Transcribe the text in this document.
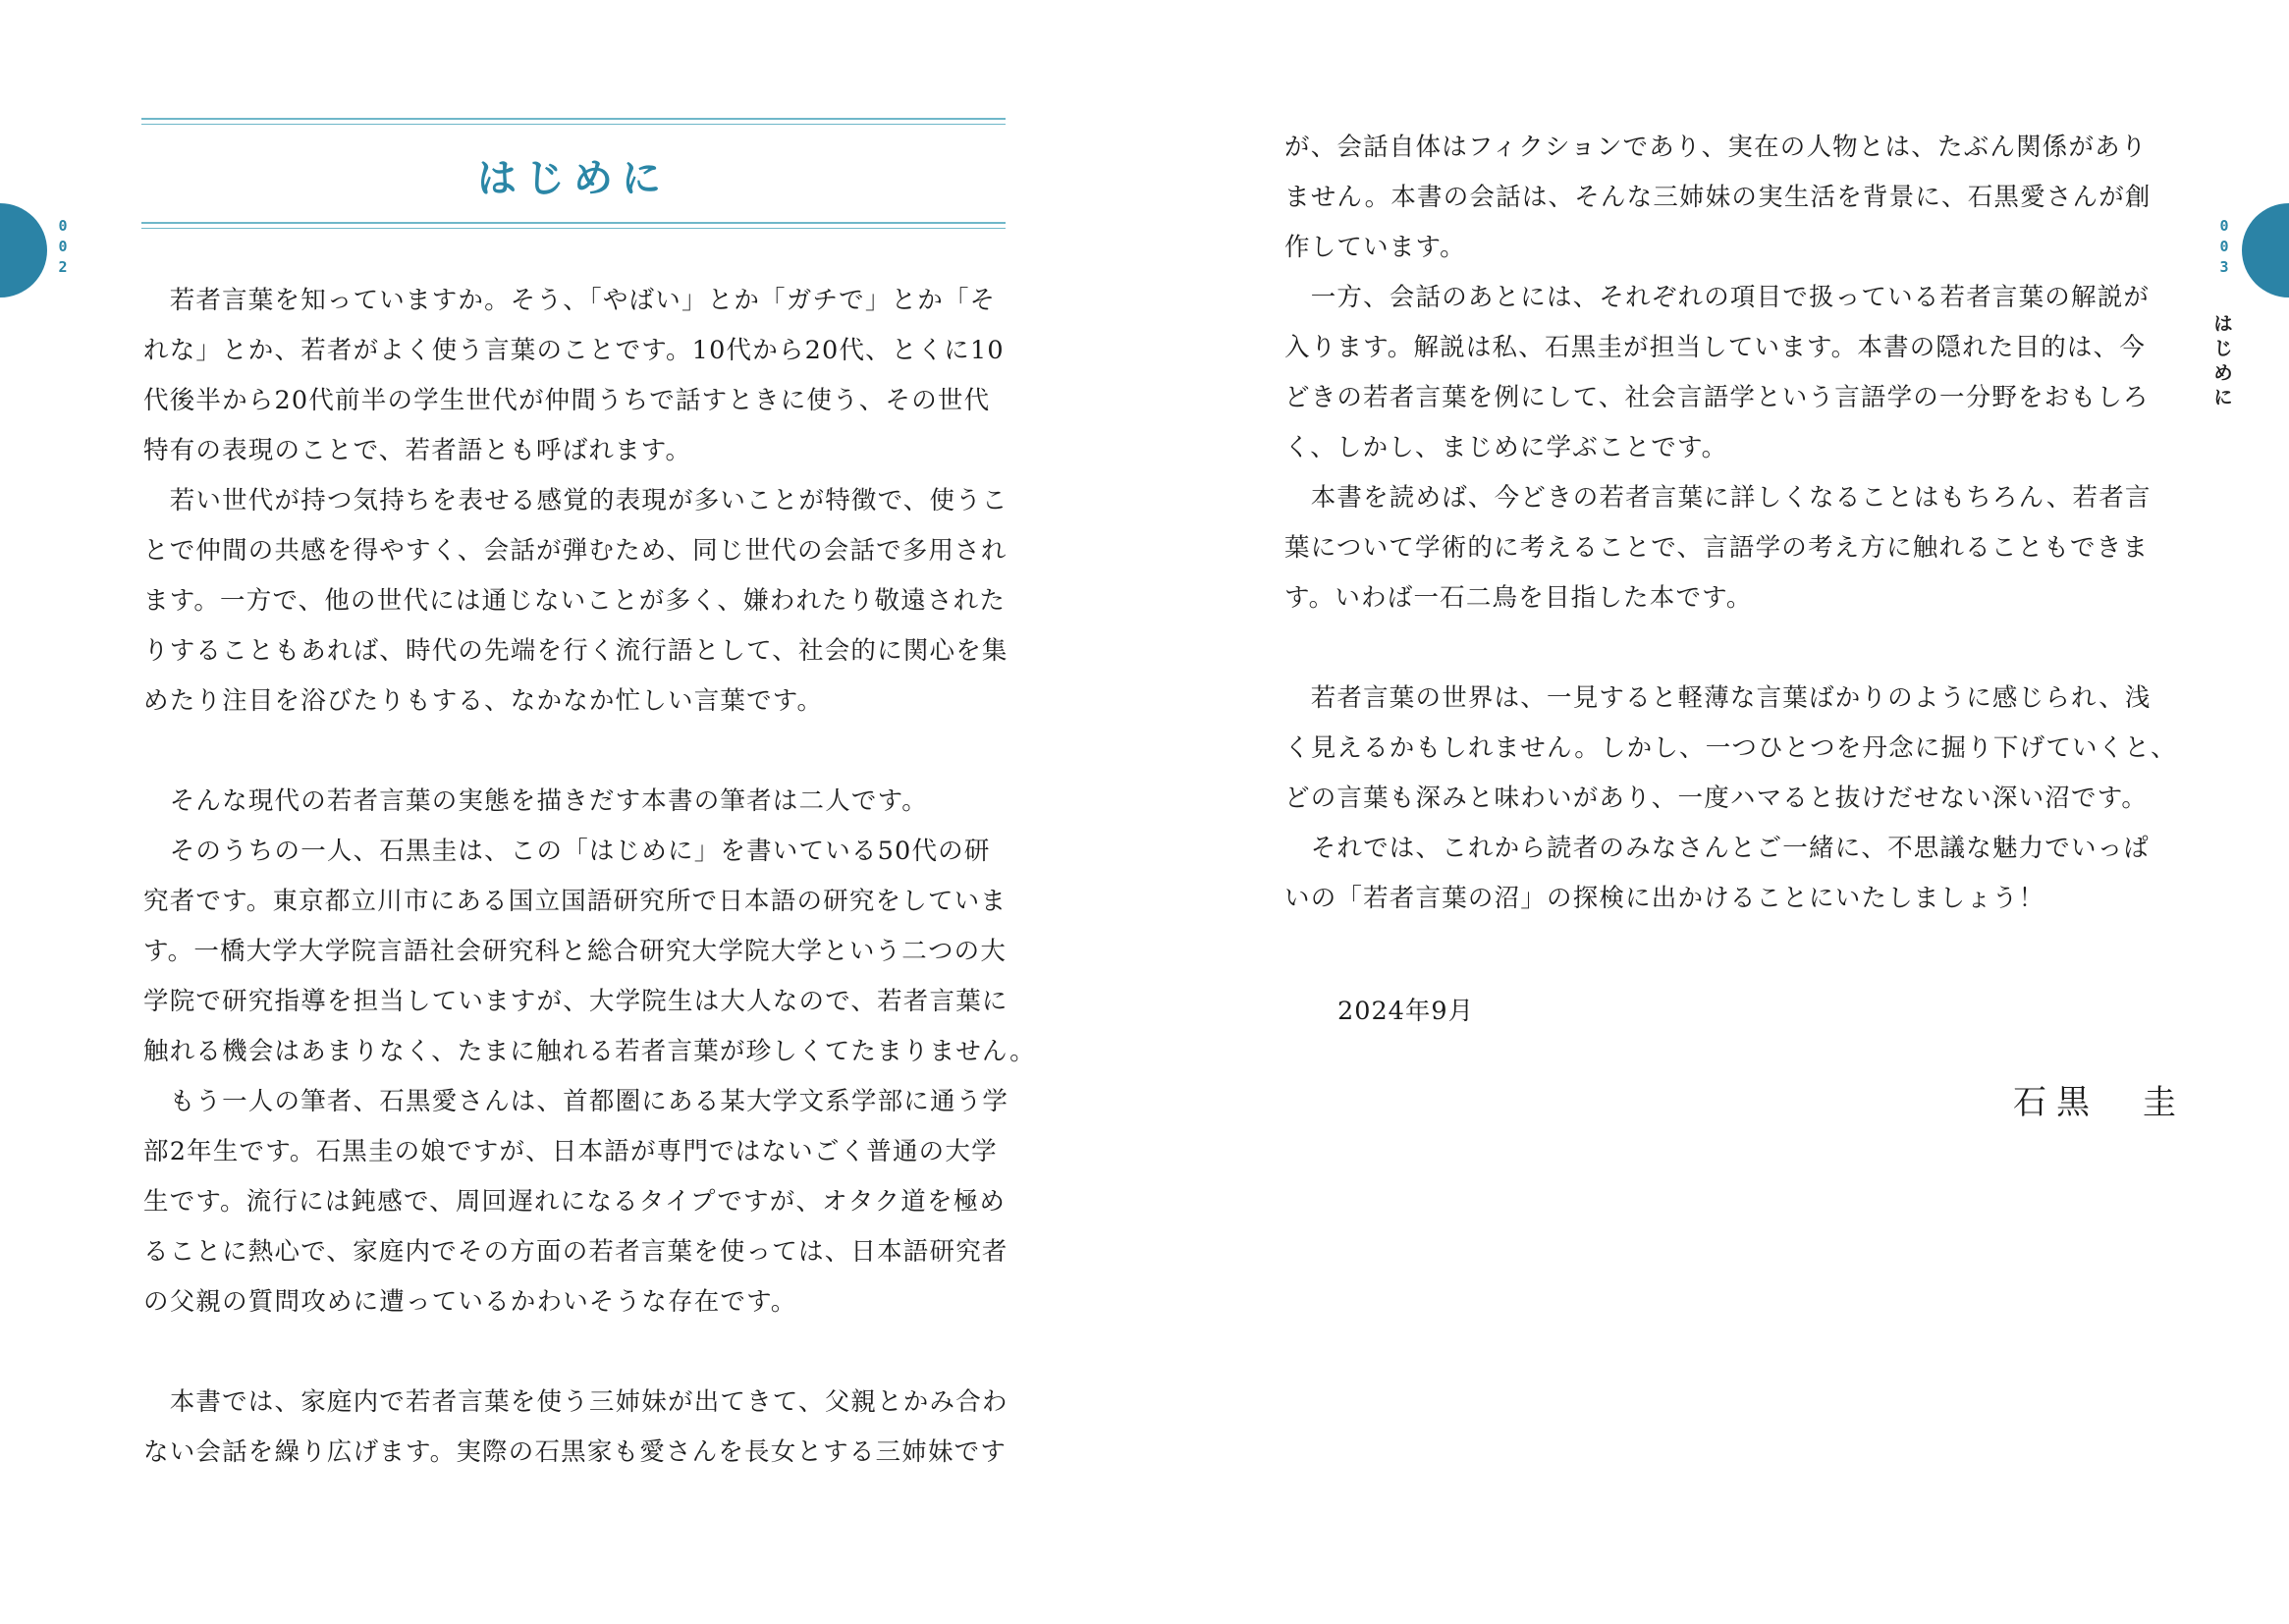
0
0
2
はじめに
　若者言葉を知っていますか。そう、「やばい」とか「ガチで」とか「そ
れな」とか、若者がよく使う言葉のことです。10代から20代、とくに10
代後半から20代前半の学生世代が仲間うちで話すときに使う、その世代
特有の表現のことで、若者語とも呼ばれます。
　若い世代が持つ気持ちを表せる感覚的表現が多いことが特徴で、使うこ
とで仲間の共感を得やすく、会話が弾むため、同じ世代の会話で多用され
ます。一方で、他の世代には通じないことが多く、嫌われたり敬遠された
りすることもあれば、時代の先端を行く流行語として、社会的に関心を集
めたり注目を浴びたりもする、なかなか忙しい言葉です。
　そんな現代の若者言葉の実態を描きだす本書の筆者は二人です。
　そのうちの一人、石黒圭は、この「はじめに」を書いている50代の研
究者です。東京都立川市にある国立国語研究所で日本語の研究をしていま
す。一橋大学大学院言語社会研究科と総合研究大学院大学という二つの大
学院で研究指導を担当していますが、大学院生は大人なので、若者言葉に
触れる機会はあまりなく、たまに触れる若者言葉が珍しくてたまりません。
　もう一人の筆者、石黒愛さんは、首都圏にある某大学文系学部に通う学
部2年生です。石黒圭の娘ですが、日本語が専門ではないごく普通の大学
生です。流行には鈍感で、周回遅れになるタイプですが、オタク道を極め
ることに熱心で、家庭内でその方面の若者言葉を使っては、日本語研究者
の父親の質問攻めに遭っているかわいそうな存在です。
　本書では、家庭内で若者言葉を使う三姉妹が出てきて、父親とかみ合わ
ない会話を繰り広げます。実際の石黒家も愛さんを長女とする三姉妹です
が、会話自体はフィクションであり、実在の人物とは、たぶん関係があり
ません。本書の会話は、そんな三姉妹の実生活を背景に、石黒愛さんが創
作しています。
　一方、会話のあとには、それぞれの項目で扱っている若者言葉の解説が
入ります。解説は私、石黒圭が担当しています。本書の隠れた目的は、今
どきの若者言葉を例にして、社会言語学という言語学の一分野をおもしろ
く、しかし、まじめに学ぶことです。
　本書を読めば、今どきの若者言葉に詳しくなることはもちろん、若者言
葉について学術的に考えることで、言語学の考え方に触れることもできま
す。いわば一石二鳥を目指した本です。
　若者言葉の世界は、一見すると軽薄な言葉ばかりのように感じられ、浅
く見えるかもしれません。しかし、一つひとつを丹念に掘り下げていくと、
どの言葉も深みと味わいがあり、一度ハマると抜けだせない深い沼です。
　それでは、これから読者のみなさんとご一緒に、不思議な魅力でいっぱ
いの「若者言葉の沼」の探検に出かけることにいたしましょう！
0
0
3
は
じ
め
に
2024年9月
石黒　圭
